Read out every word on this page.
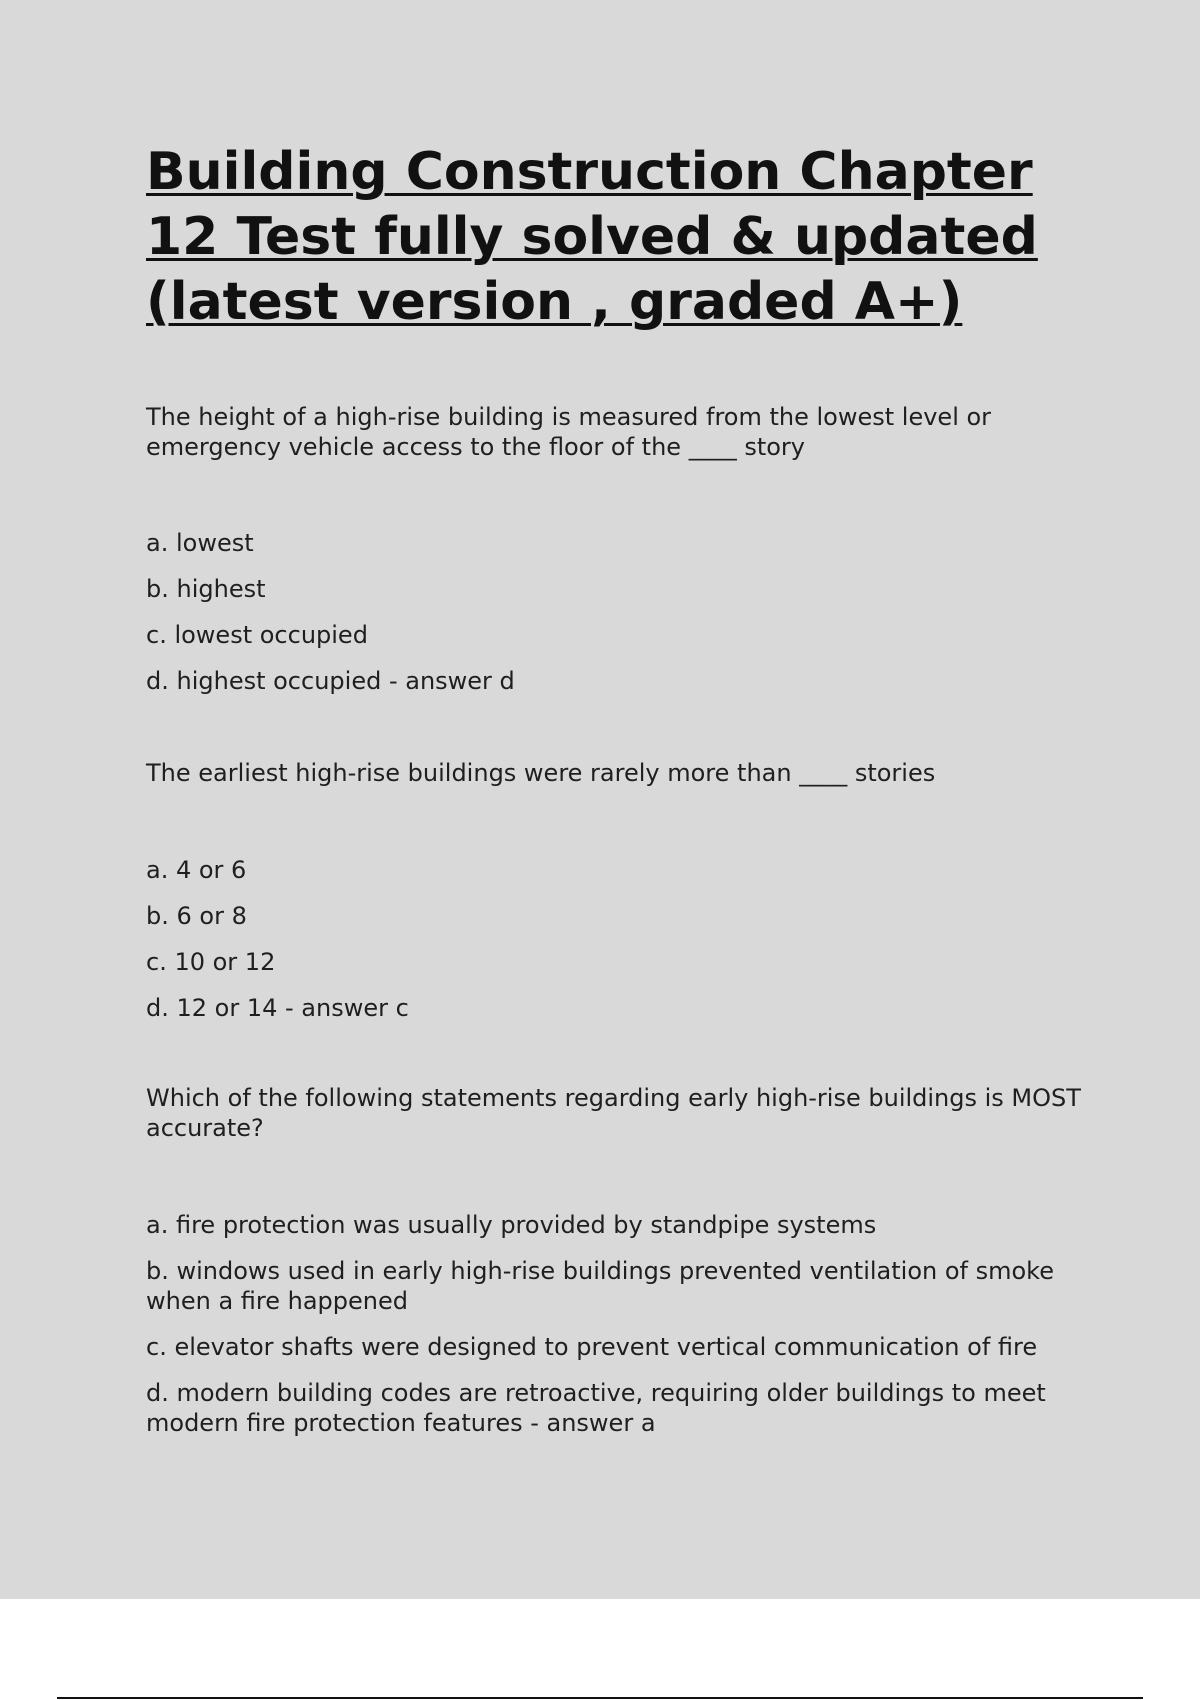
Building Construction Chapter 12 Test fully solved & updated (latest version , graded A+)

The height of a high-rise building is measured from the lowest level or emergency vehicle access to the floor of the ____ story

a. lowest
b. highest
c. lowest occupied
d. highest occupied - answer d

The earliest high-rise buildings were rarely more than ____ stories

a. 4 or 6
b. 6 or 8
c. 10 or 12
d. 12 or 14 - answer c

Which of the following statements regarding early high-rise buildings is MOST accurate?

a. fire protection was usually provided by standpipe systems
b. windows used in early high-rise buildings prevented ventilation of smoke when a fire happened
c. elevator shafts were designed to prevent vertical communication of fire
d. modern building codes are retroactive, requiring older buildings to meet modern fire protection features - answer a
